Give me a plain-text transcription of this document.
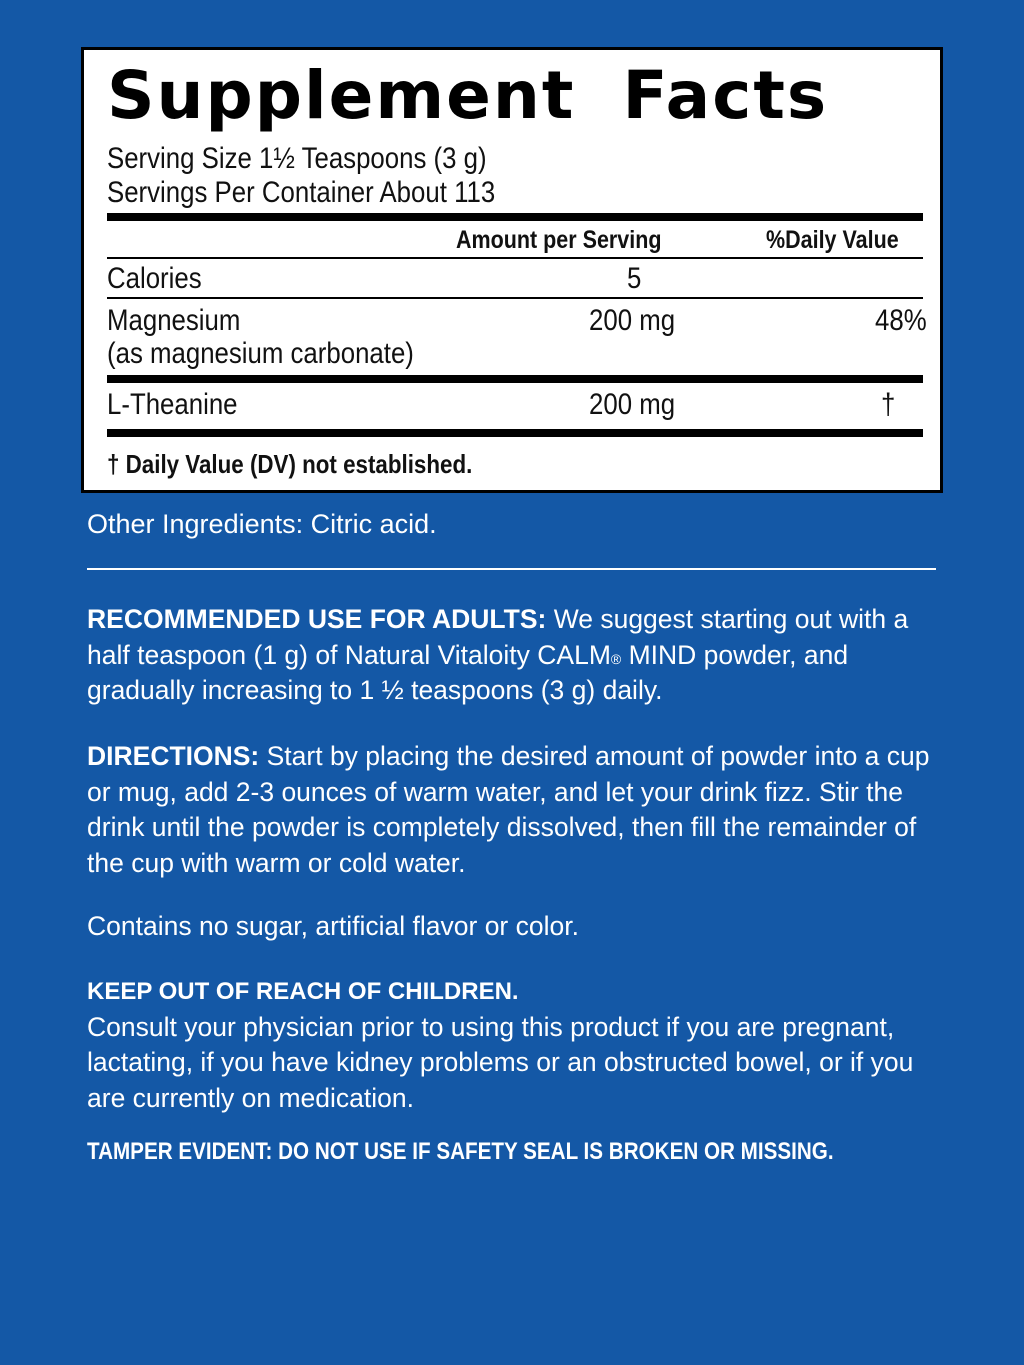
Supplement Facts
Serving Size 1½ Teaspoons (3 g)
Servings Per Container About 113
Amount per Serving	%Daily Value
Calories	5
Magnesium
(as magnesium carbonate)
200 mg	48%
L-Theanine	200 mg	†
† Daily Value (DV) not established.
Other Ingredients: Citric acid.
RECOMMENDED USE FOR ADULTS: We suggest starting out with a half teaspoon (1 g) of Natural Vitaloity CALM® MIND powder, and gradually increasing to 1 ½ teaspoons (3 g) daily.
DIRECTIONS: Start by placing the desired amount of powder into a cup or mug, add 2-3 ounces of warm water, and let your drink fizz. Stir the drink until the powder is completely dissolved, then fill the remainder of the cup with warm or cold water.
Contains no sugar, artificial flavor or color.
KEEP OUT OF REACH OF CHILDREN.
Consult your physician prior to using this product if you are pregnant, lactating, if you have kidney problems or an obstructed bowel, or if you are currently on medication.
TAMPER EVIDENT: DO NOT USE IF SAFETY SEAL IS BROKEN OR MISSING.
